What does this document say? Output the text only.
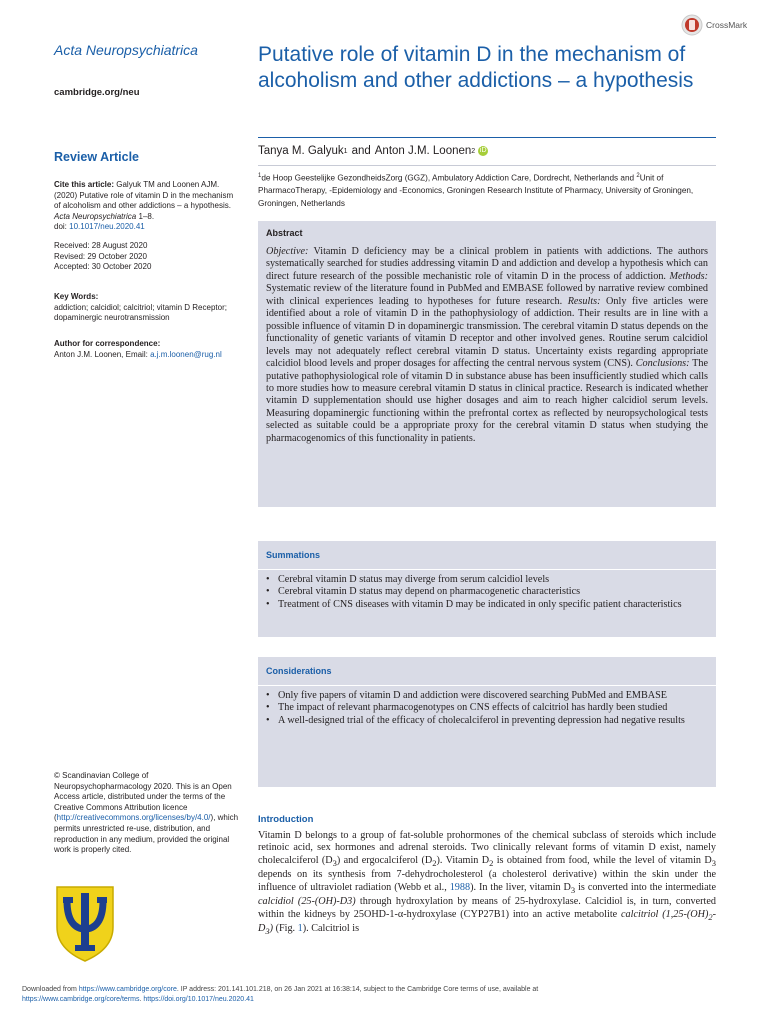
Acta Neuropsychiatrica
cambridge.org/neu
CrossMark
Putative role of vitamin D in the mechanism of alcoholism and other addictions – a hypothesis
Tanya M. Galyuk 1 and Anton J.M. Loonen 2 iD
$^1$de Hoop Geestelijke GezondheidsZorg (GGZ), Ambulatory Addiction Care, Dordrecht, Netherlands and $^2$Unit of PharmacoTherapy, -Epidemiology and -Economics, Groningen Research Institute of Pharmacy, University of Groningen, Groningen, Netherlands
Review Article
Cite this article: Galyuk TM and Loonen AJM. (2020) Putative role of vitamin D in the mechanism of alcoholism and other addictions – a hypothesis. Acta Neuropsychiatrica 1–8.
doi: 10.1017/neu.2020.41
Received: 28 August 2020
Revised: 29 October 2020
Accepted: 30 October 2020
Key Words:
addiction; calcidiol; calcitriol; vitamin D Receptor; dopaminergic neurotransmission
Author for correspondence:
Anton J.M. Loonen, Email: a.j.m.loonen@rug.nl
© Scandinavian College of Neuropsychopharmacology 2020. This is an Open Access article, distributed under the terms of the Creative Commons Attribution licence (http://creativecommons.org/licenses/by/4.0/), which permits unrestricted re-use, distribution, and reproduction in any medium, provided the original work is properly cited.
Abstract
Objective: Vitamin D deficiency may be a clinical problem in patients with addictions. The authors systematically searched for studies addressing vitamin D and addiction and develop a hypothesis which can direct future research of the possible mechanistic role of vitamin D in the process of addiction. Methods: Systematic review of the literature found in PubMed and EMBASE followed by narrative review combined with clinical experiences leading to hypotheses for future research. Results: Only five articles were identified about a role of vitamin D in the pathophysiology of addiction. Their results are in line with a possible influence of vitamin D in dopaminergic transmission. The cerebral vitamin D status depends on the functionality of genetic variants of vitamin D receptor and other involved genes. Routine serum calcidiol levels may not adequately reflect cerebral vitamin D status. Uncertainty exists regarding appropriate calcidiol blood levels and proper dosages for affecting the central nervous system (CNS). Conclusions: The putative pathophysiological role of vitamin D in substance abuse has been insufficiently studied which calls to more studies how to measure cerebral vitamin D status in clinical practice. Research is indicated whether vitamin D supplementation should use higher dosages and aim to reach higher calcidiol serum levels. Measuring dopaminergic functioning within the prefrontal cortex as reflected by neuropsychological tests selected as suitable could be a appropriate proxy for the cerebral vitamin D status when studying the pharmacogenomics of this functionality in patients.
Summations
• Cerebral vitamin D status may diverge from serum calcidiol levels
• Cerebral vitamin D status may depend on pharmacogenetic characteristics
• Treatment of CNS diseases with vitamin D may be indicated in only specific patient characteristics
Considerations
• Only five papers of vitamin D and addiction were discovered searching PubMed and EMBASE
• The impact of relevant pharmacogenotypes on CNS effects of calcitriol has hardly been studied
• A well-designed trial of the efficacy of cholecalciferol in preventing depression had negative results
Introduction
Vitamin D belongs to a group of fat-soluble prohormones of the chemical subclass of steroids which include retinoic acid, sex hormones and adrenal steroids. Two clinically relevant forms of vitamin D exist, namely cholecalciferol $(D_3)$ and ergocalciferol $(D_2)$. Vitamin $D_2$ is obtained from food, while the level of vitamin $D_3$ depends on its synthesis from 7-dehydrocholesterol (a cholesterol derivative) within the skin under the influence of ultraviolet radiation (Webb et al., 1988). In the liver, vitamin $D_3$ is converted into the intermediate calcidiol (25-(OH)-D3) through hydroxylation by means of 25-hydroxylase. Calcidiol is, in turn, converted within the kidneys by 25OHD-1-α-hydroxylase (CYP27B1) into an active metabolite calcitriol $(1,25-(OH)_2-D_3)$ (Fig. 1). Calcitriol is
Downloaded from https://www.cambridge.org/core. IP address: 201.141.101.218, on 26 Jan 2021 at 16:38:14, subject to the Cambridge Core terms of use, available at
https://www.cambridge.org/core/terms. https://doi.org/10.1017/neu.2020.41
